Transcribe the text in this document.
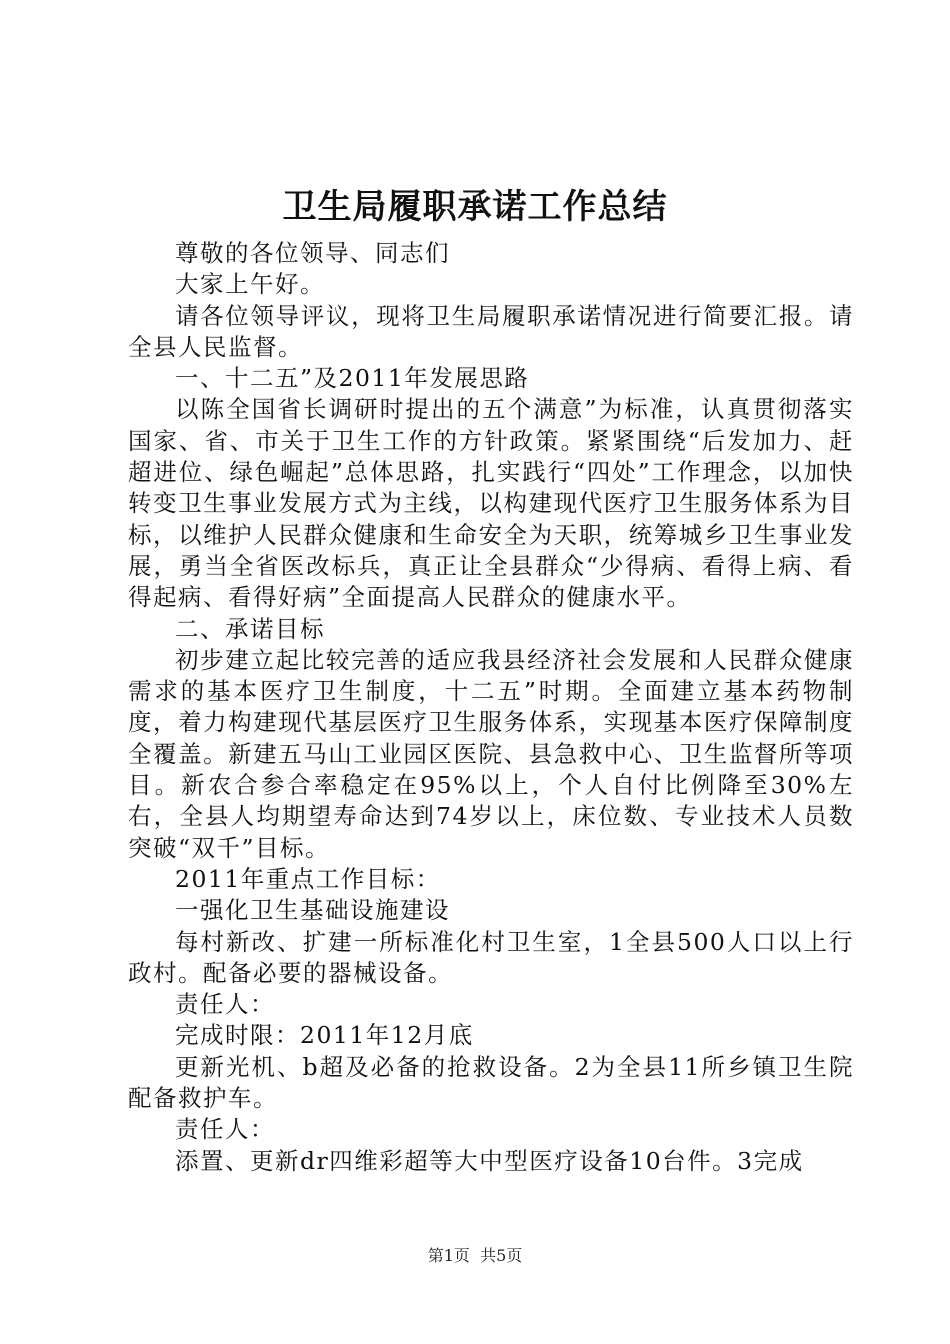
卫生局履职承诺工作总结

尊敬的各位领导、同志们

大家上午好。

请各位领导评议，现将卫生局履职承诺情况进行简要汇报。请全县人民监督。

一、十二五”及2011年发展思路

以陈全国省长调研时提出的五个满意”为标准，认真贯彻落实国家、省、市关于卫生工作的方针政策。紧紧围绕“后发加力、赶超进位、绿色崛起”总体思路，扎实践行“四处”工作理念，以加快转变卫生事业发展方式为主线，以构建现代医疗卫生服务体系为目标，以维护人民群众健康和生命安全为天职，统筹城乡卫生事业发展，勇当全省医改标兵，真正让全县群众“少得病、看得上病、看得起病、看得好病”全面提高人民群众的健康水平。

二、承诺目标

初步建立起比较完善的适应我县经济社会发展和人民群众健康需求的基本医疗卫生制度，十二五”时期。全面建立基本药物制度，着力构建现代基层医疗卫生服务体系，实现基本医疗保障制度全覆盖。新建五马山工业园区医院、县急救中心、卫生监督所等项目。新农合参合率稳定在95%以上，个人自付比例降至30%左右，全县人均期望寿命达到74岁以上，床位数、专业技术人员数突破“双千”目标。

2011年重点工作目标：

一强化卫生基础设施建设

每村新改、扩建一所标准化村卫生室，1全县500人口以上行政村。配备必要的器械设备。

责任人：

完成时限：2011年12月底

更新光机、b超及必备的抢救设备。2为全县11所乡镇卫生院配备救护车。

责任人：

添置、更新dr四维彩超等大中型医疗设备10台件。3完成

第1页  共5页
